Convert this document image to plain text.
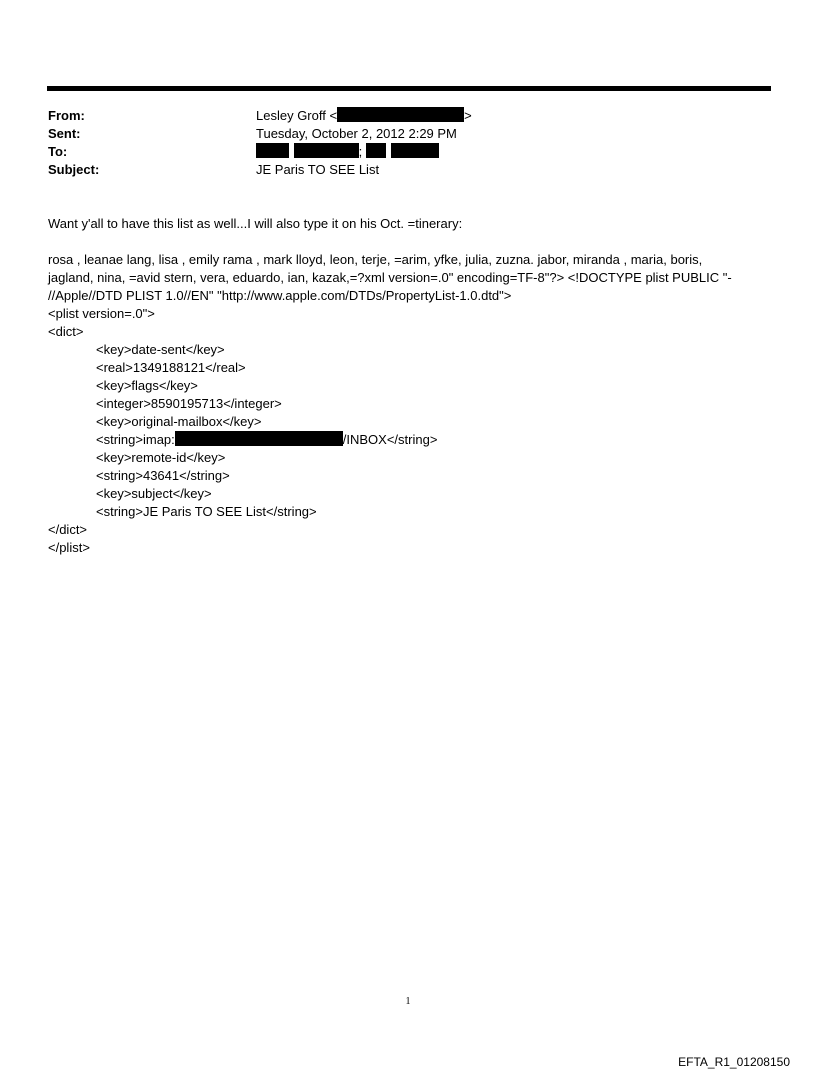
From:	Lesley Groff <	>
Sent:	Tuesday, October 2, 2012 2:29 PM
To:	;
Subject:	JE Paris TO SEE List
Want y'all to have this list as well...I will also type it on his Oct. =tinerary:
rosa , leanae lang, lisa , emily rama , mark lloyd, leon, terje, =arim, yfke, julia, zuzna. jabor, miranda , maria, boris,
jagland, nina, =avid stern, vera, eduardo, ian, kazak,=?xml version=.0" encoding=TF-8"?> <!DOCTYPE plist PUBLIC "-
//Apple//DTD PLIST 1.0//EN" "http://www.apple.com/DTDs/PropertyList-1.0.dtd">
<plist version=.0">
<dict>
<key>date-sent</key>
<real>1349188121</real>
<key>flags</key>
<integer>8590195713</integer>
<key>original-mailbox</key>
<string>imap:	/INBOX</string>
<key>remote-id</key>
<string>43641</string>
<key>subject</key>
<string>JE Paris TO SEE List</string>
</dict>
</plist>
1
EFTA_R1_01208150
